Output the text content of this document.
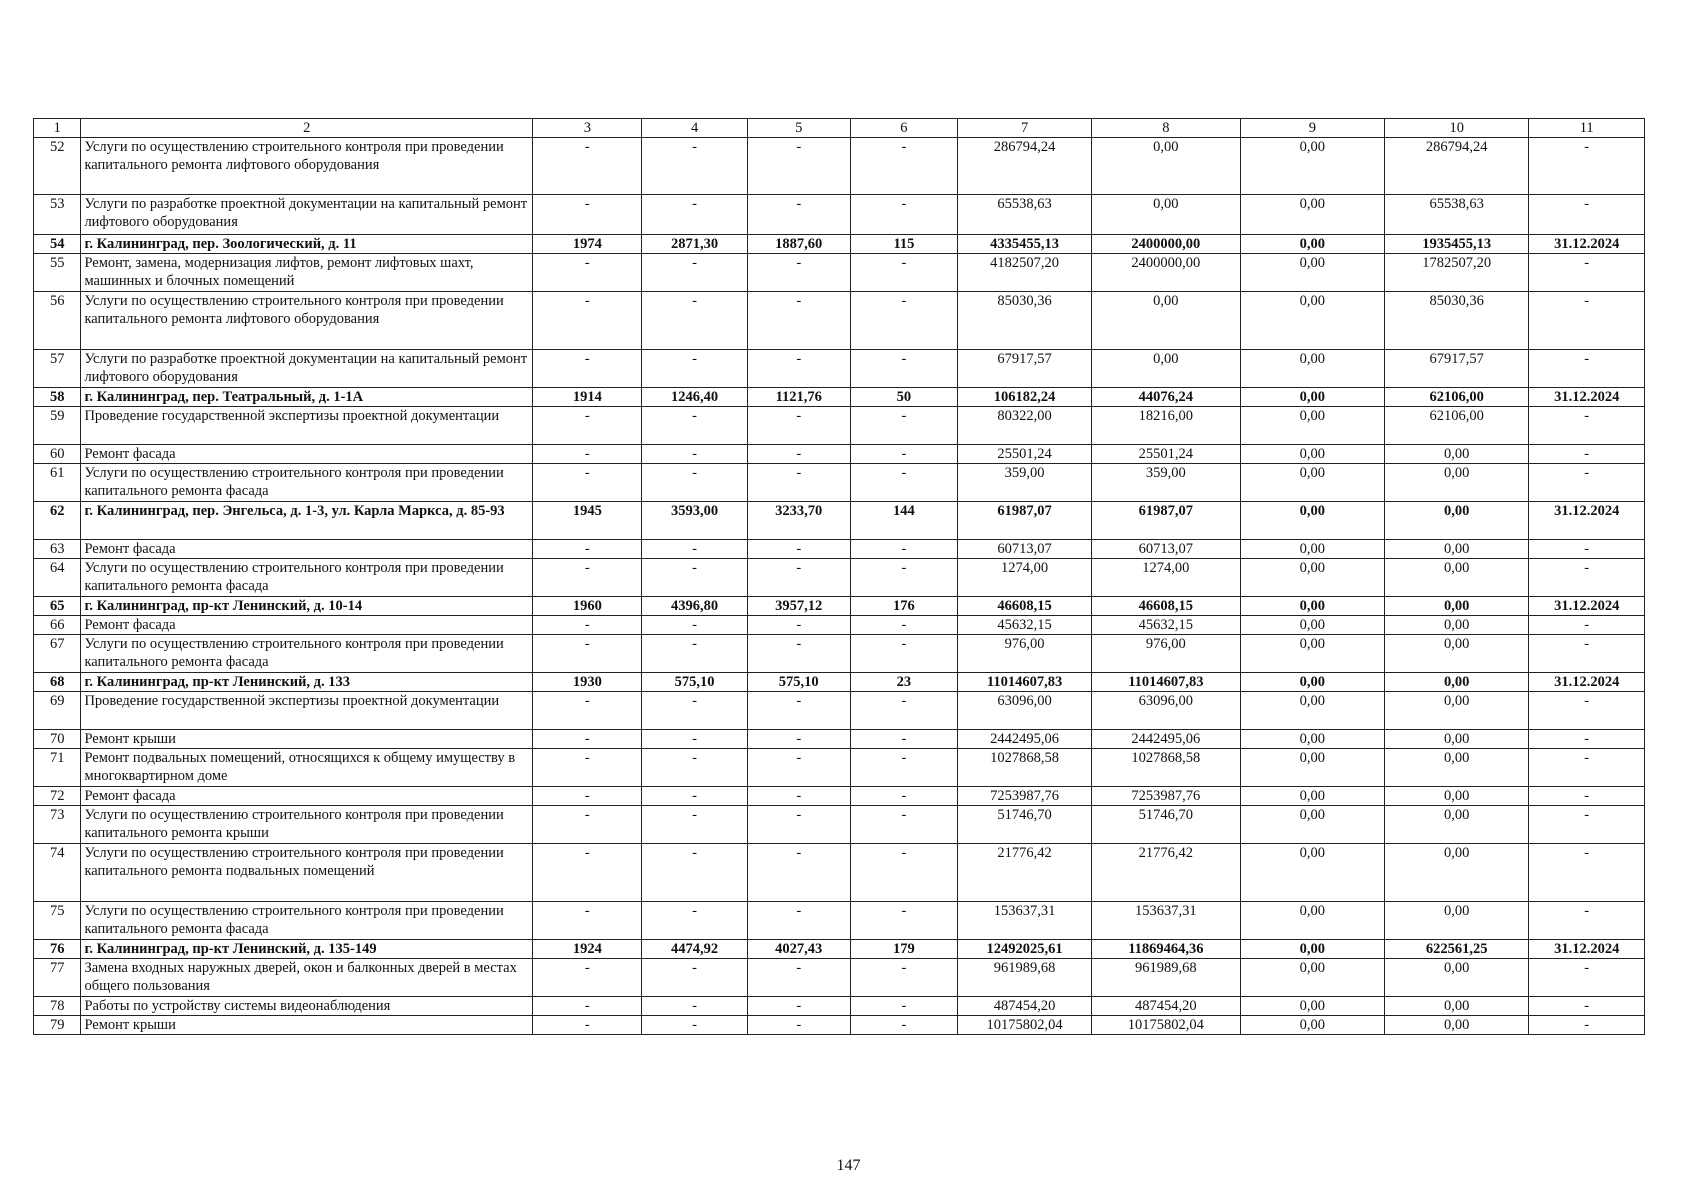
1	2	3	4	5	6	7	8	9	10	11
52	Услуги по осуществлению строительного контроля при проведении капитального ремонта лифтового оборудования	-	-	-	-	286794,24	0,00	0,00	286794,24	-
53	Услуги по разработке проектной документации на капитальный ремонт лифтового оборудования	-	-	-	-	65538,63	0,00	0,00	65538,63	-
54	г. Калининград, пер. Зоологический, д. 11	1974	2871,30	1887,60	115	4335455,13	2400000,00	0,00	1935455,13	31.12.2024
55	Ремонт, замена, модернизация лифтов, ремонт лифтовых шахт, машинных и блочных помещений	-	-	-	-	4182507,20	2400000,00	0,00	1782507,20	-
56	Услуги по осуществлению строительного контроля при проведении капитального ремонта лифтового оборудования	-	-	-	-	85030,36	0,00	0,00	85030,36	-
57	Услуги по разработке проектной документации на капитальный ремонт лифтового оборудования	-	-	-	-	67917,57	0,00	0,00	67917,57	-
58	г. Калининград, пер. Театральный, д. 1-1А	1914	1246,40	1121,76	50	106182,24	44076,24	0,00	62106,00	31.12.2024
59	Проведение государственной экспертизы проектной документации	-	-	-	-	80322,00	18216,00	0,00	62106,00	-
60	Ремонт фасада	-	-	-	-	25501,24	25501,24	0,00	0,00	-
61	Услуги по осуществлению строительного контроля при проведении капитального ремонта фасада	-	-	-	-	359,00	359,00	0,00	0,00	-
62	г. Калининград, пер. Энгельса, д. 1-3, ул. Карла Маркса, д. 85-93	1945	3593,00	3233,70	144	61987,07	61987,07	0,00	0,00	31.12.2024
63	Ремонт фасада	-	-	-	-	60713,07	60713,07	0,00	0,00	-
64	Услуги по осуществлению строительного контроля при проведении капитального ремонта фасада	-	-	-	-	1274,00	1274,00	0,00	0,00	-
65	г. Калининград, пр-кт Ленинский, д. 10-14	1960	4396,80	3957,12	176	46608,15	46608,15	0,00	0,00	31.12.2024
66	Ремонт фасада	-	-	-	-	45632,15	45632,15	0,00	0,00	-
67	Услуги по осуществлению строительного контроля при проведении капитального ремонта фасада	-	-	-	-	976,00	976,00	0,00	0,00	-
68	г. Калининград, пр-кт Ленинский, д. 133	1930	575,10	575,10	23	11014607,83	11014607,83	0,00	0,00	31.12.2024
69	Проведение государственной экспертизы проектной документации	-	-	-	-	63096,00	63096,00	0,00	0,00	-
70	Ремонт крыши	-	-	-	-	2442495,06	2442495,06	0,00	0,00	-
71	Ремонт подвальных помещений, относящихся к общему имуществу в многоквартирном доме	-	-	-	-	1027868,58	1027868,58	0,00	0,00	-
72	Ремонт фасада	-	-	-	-	7253987,76	7253987,76	0,00	0,00	-
73	Услуги по осуществлению строительного контроля при проведении капитального ремонта крыши	-	-	-	-	51746,70	51746,70	0,00	0,00	-
74	Услуги по осуществлению строительного контроля при проведении капитального ремонта подвальных помещений	-	-	-	-	21776,42	21776,42	0,00	0,00	-
75	Услуги по осуществлению строительного контроля при проведении капитального ремонта фасада	-	-	-	-	153637,31	153637,31	0,00	0,00	-
76	г. Калининград, пр-кт Ленинский, д. 135-149	1924	4474,92	4027,43	179	12492025,61	11869464,36	0,00	622561,25	31.12.2024
77	Замена входных наружных дверей, окон и балконных дверей в местах общего пользования	-	-	-	-	961989,68	961989,68	0,00	0,00	-
78	Работы по устройству системы видеонаблюдения	-	-	-	-	487454,20	487454,20	0,00	0,00	-
79	Ремонт крыши	-	-	-	-	10175802,04	10175802,04	0,00	0,00	-
147
